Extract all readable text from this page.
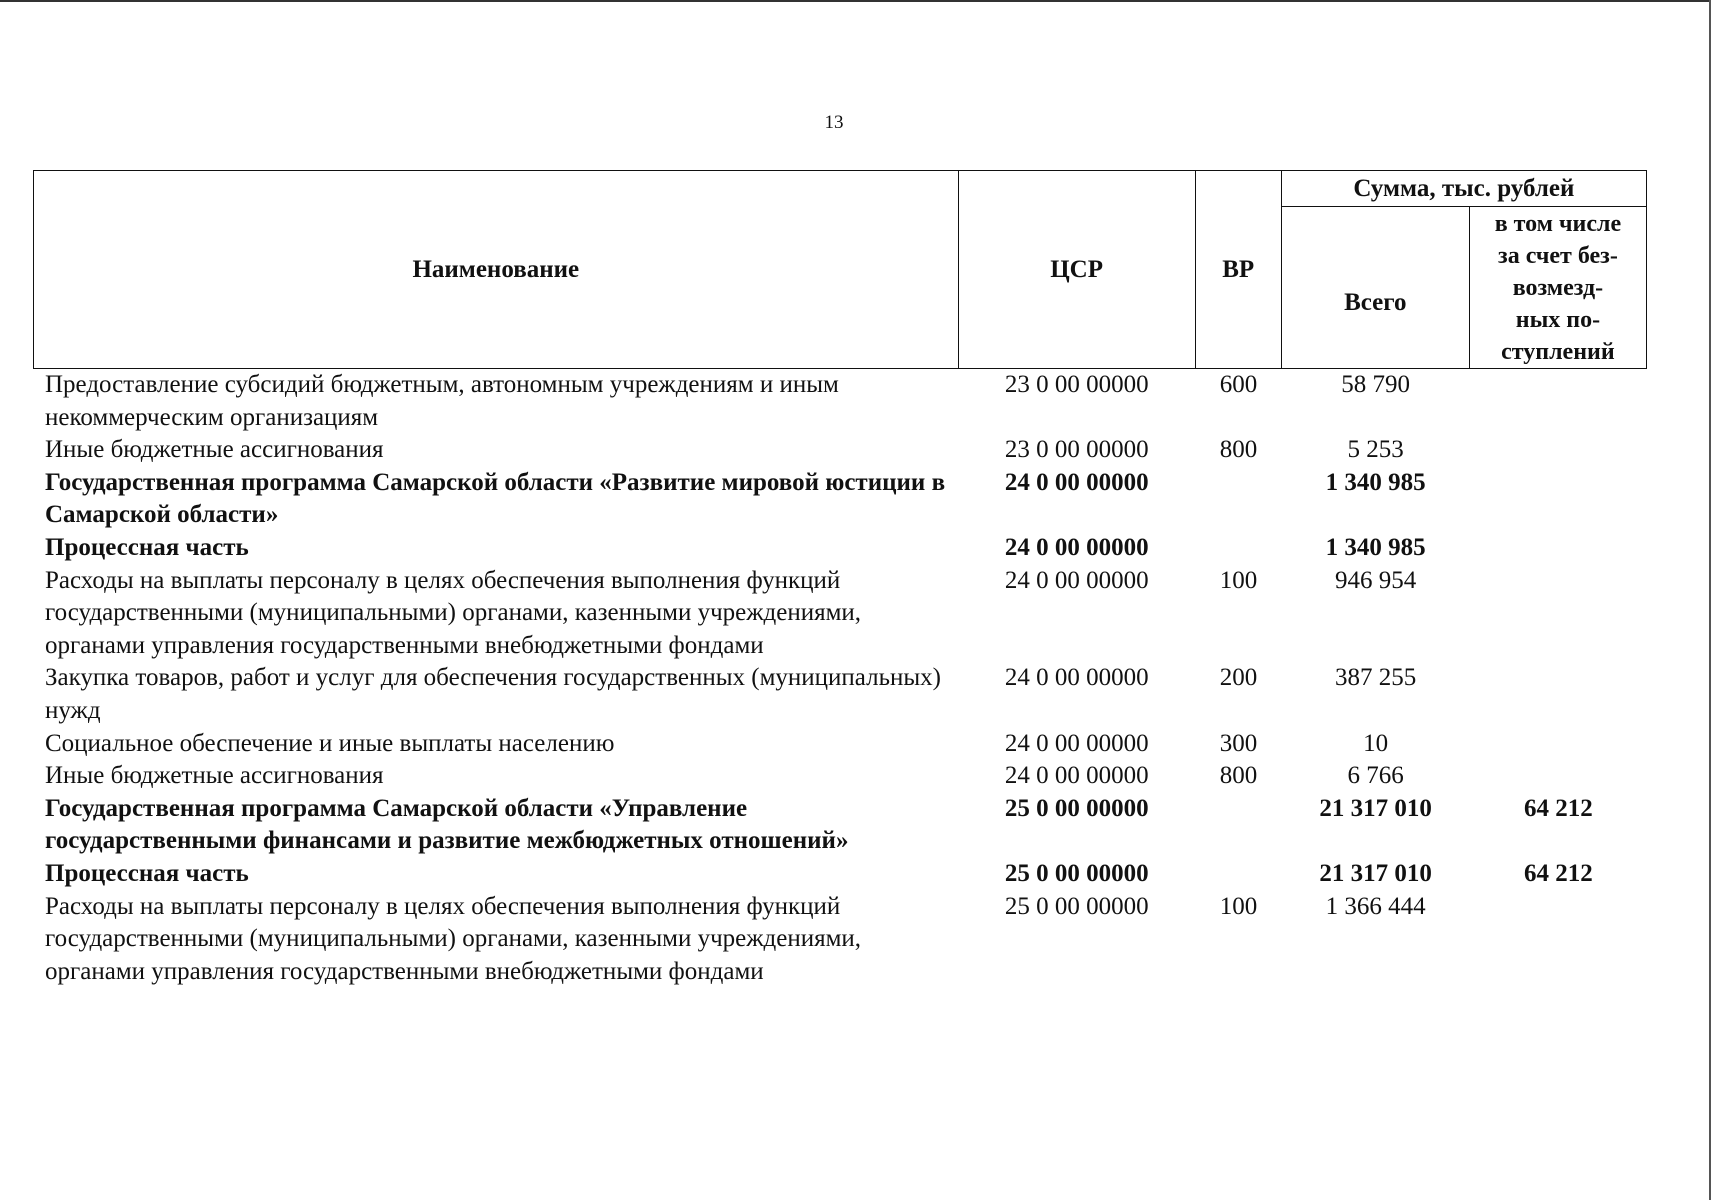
13
Наименование	ЦСР	ВР	Сумма, тыс. рублей	
			Всего	в том числе
за счет без-
возмезд-
ных по-
ступлений
Предоставление субсидий бюджетным, автономным учреждениям и иным некоммерческим организациям	23 0 00 00000	600	58 790	
Иные бюджетные ассигнования	23 0 00 00000	800	5 253	
Государственная программа Самарской области «Развитие мировой юстиции в Самарской области»	24 0 00 00000		1 340 985	
Процессная часть	24 0 00 00000		1 340 985	
Расходы на выплаты персоналу в целях обеспечения выполнения функций государственными (муниципальными) органами, казенными учреждениями, органами управления государственными внебюджетными фондами	24 0 00 00000	100	946 954	
Закупка товаров, работ и услуг для обеспечения государственных (муниципальных) нужд	24 0 00 00000	200	387 255	
Социальное обеспечение и иные выплаты населению	24 0 00 00000	300	10	
Иные бюджетные ассигнования	24 0 00 00000	800	6 766	
Государственная программа Самарской области «Управление государственными финансами и развитие межбюджетных отношений»	25 0 00 00000		21 317 010	64 212
Процессная часть	25 0 00 00000		21 317 010	64 212
Расходы на выплаты персоналу в целях обеспечения выполнения функций государственными (муниципальными) органами, казенными учреждениями, органами управления государственными внебюджетными фондами	25 0 00 00000	100	1 366 444	
